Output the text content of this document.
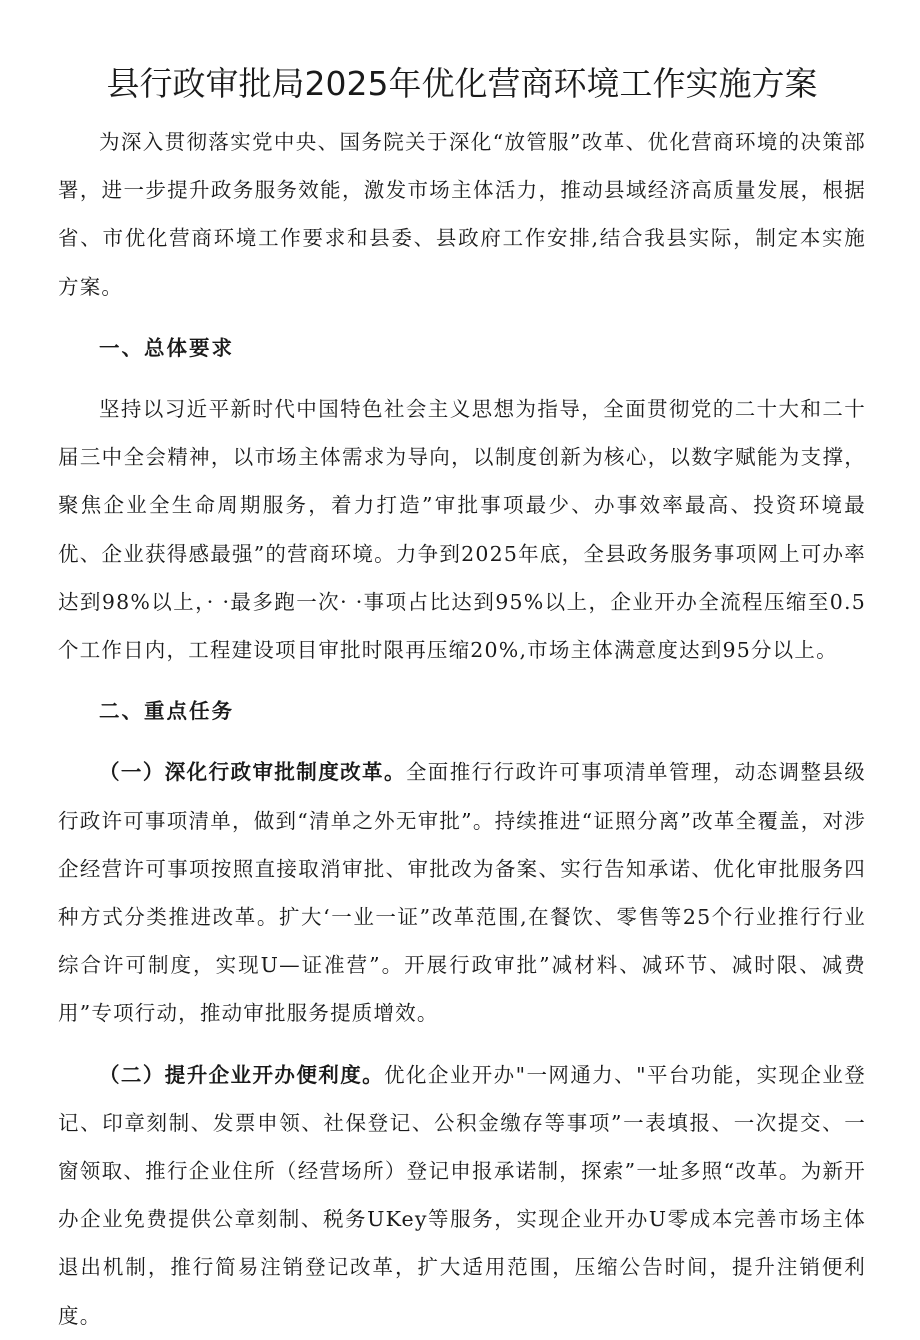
县行政审批局2025年优化营商环境工作实施方案

为深入贯彻落实党中央、国务院关于深化“放管服”改革、优化营商环境的决策部署，进一步提升政务服务效能，激发市场主体活力，推动县域经济高质量发展，根据省、市优化营商环境工作要求和县委、县政府工作安排,结合我县实际，制定本实施方案。

一、总体要求

坚持以习近平新时代中国特色社会主义思想为指导，全面贯彻党的二十大和二十届三中全会精神，以市场主体需求为导向，以制度创新为核心，以数字赋能为支撑，聚焦企业全生命周期服务，着力打造”审批事项最少、办事效率最高、投资环境最优、企业获得感最强”的营商环境。力争到2025年底，全县政务服务事项网上可办率达到98%以上，· ·最多跑一次· ·事项占比达到95%以上，企业开办全流程压缩至0.5个工作日内，工程建设项目审批时限再压缩20%,市场主体满意度达到95分以上。

二、重点任务

（一）深化行政审批制度改革。全面推行行政许可事项清单管理，动态调整县级行政许可事项清单，做到“清单之外无审批”。持续推进“证照分离”改革全覆盖，对涉企经营许可事项按照直接取消审批、审批改为备案、实行告知承诺、优化审批服务四种方式分类推进改革。扩大‘一业一证”改革范围,在餐饮、零售等25个行业推行行业综合许可制度，实现U—证准营”。开展行政审批”减材料、减环节、减时限、减费用”专项行动，推动审批服务提质增效。

（二）提升企业开办便利度。优化企业开办"一网通力、"平台功能，实现企业登记、印章刻制、发票申领、社保登记、公积金缴存等事项”一表填报、一次提交、一窗领取、推行企业住所（经营场所）登记申报承诺制，探索”一址多照“改革。为新开办企业免费提供公章刻制、税务UKey等服务，实现企业开办U零成本完善市场主体退出机制，推行简易注销登记改革，扩大适用范围，压缩公告时间，提升注销便利度。
